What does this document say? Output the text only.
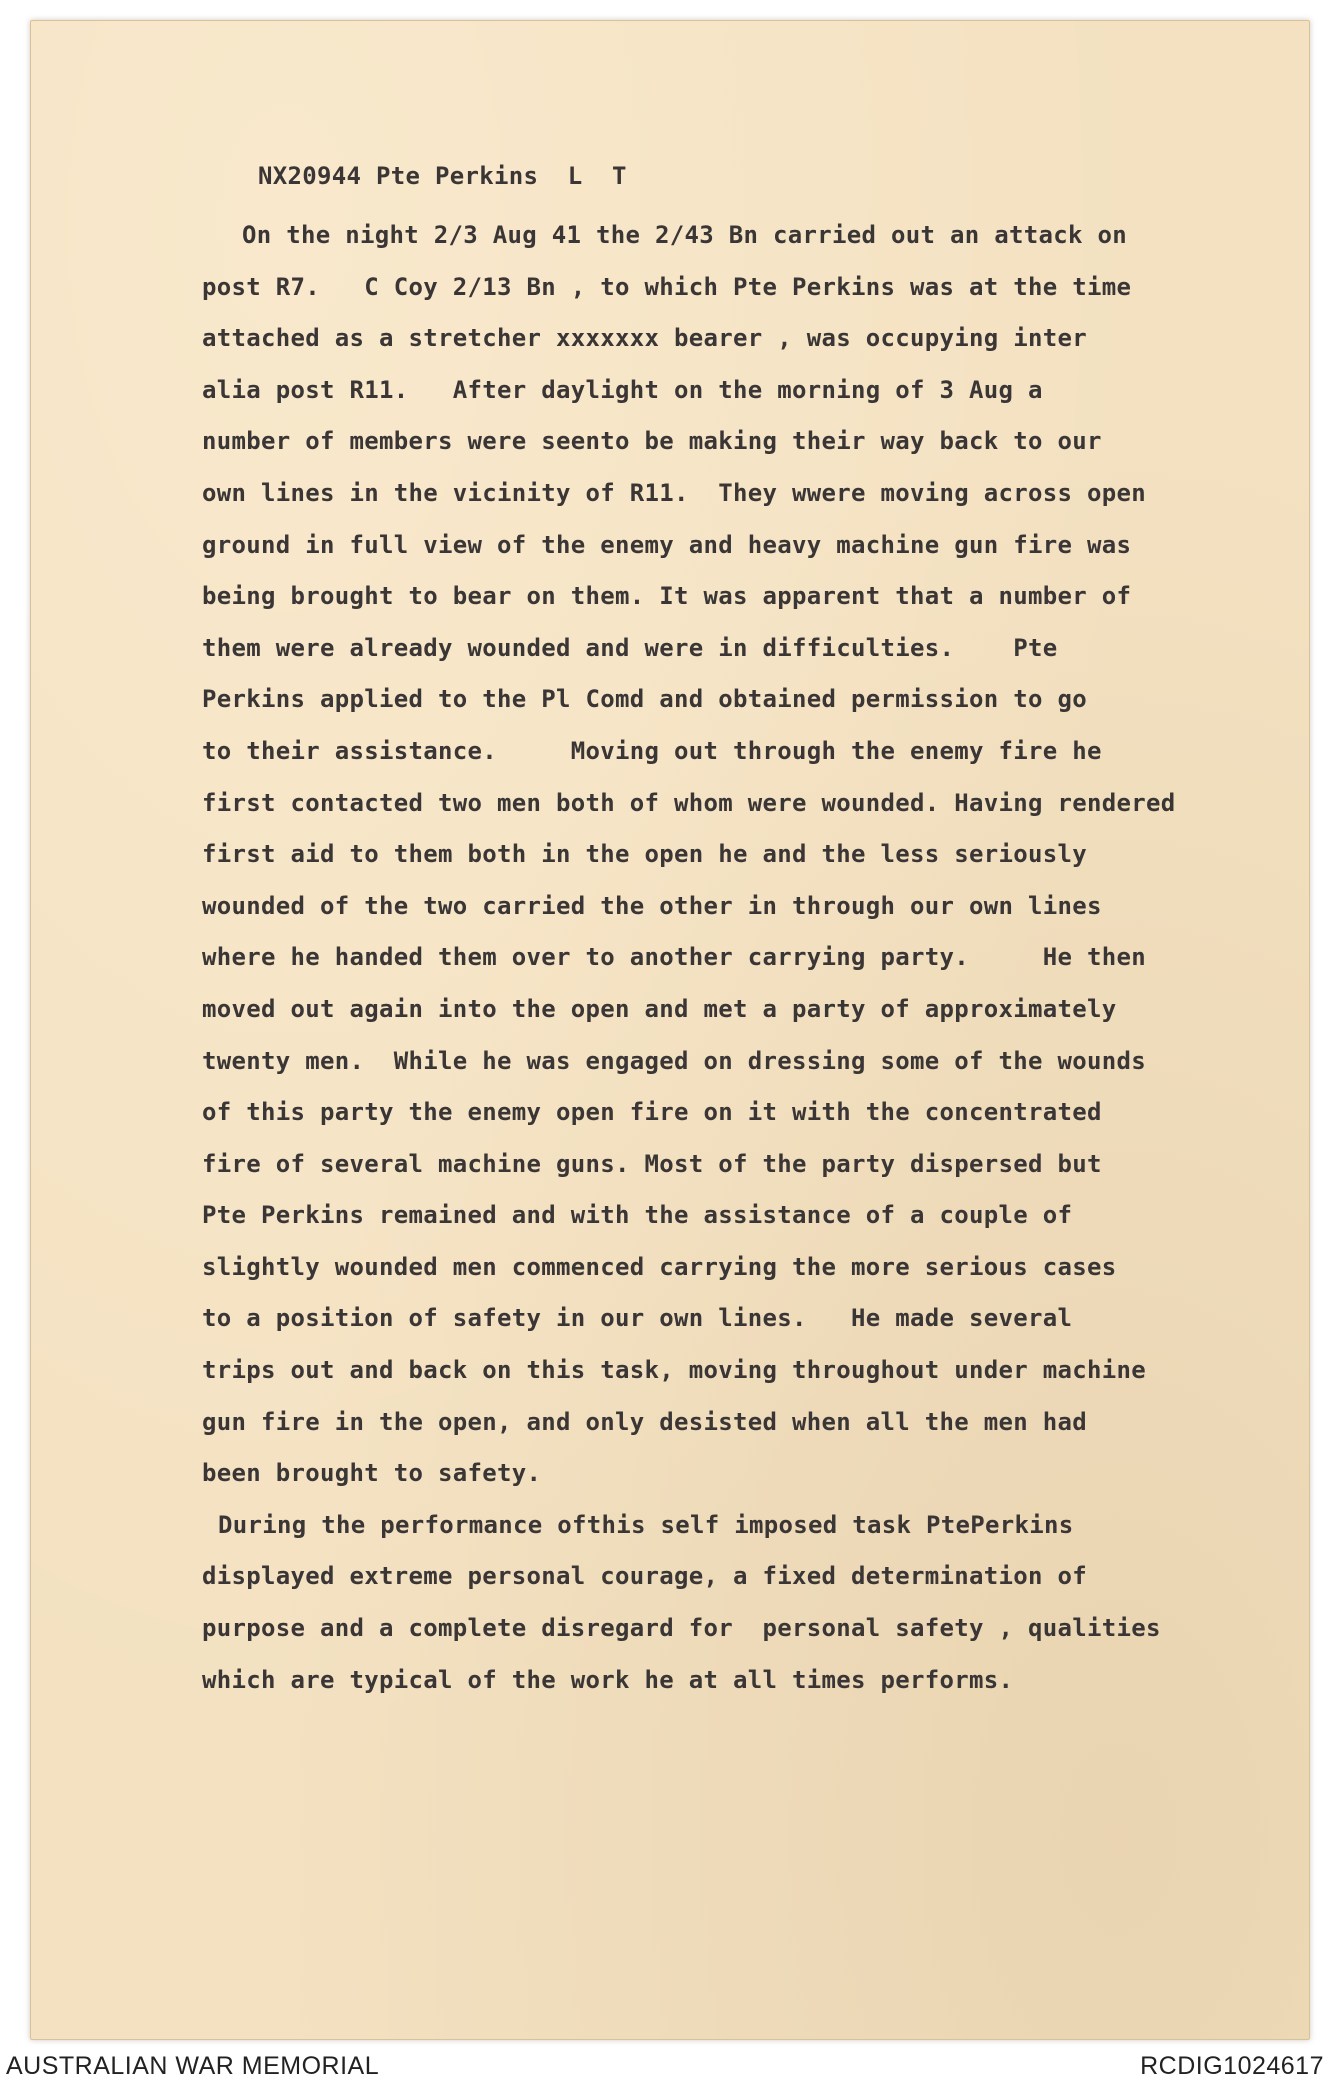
NX20944 Pte Perkins  L  T
On the night 2/3 Aug 41 the 2/43 Bn carried out an attack on
post R7.   C Coy 2/13 Bn , to which Pte Perkins was at the time
attached as a stretcher xxxxxxx bearer , was occupying inter
alia post R11.   After daylight on the morning of 3 Aug a
number of members were seento be making their way back to our
own lines in the vicinity of R11.  They wwere moving across open
ground in full view of the enemy and heavy machine gun fire was
being brought to bear on them. It was apparent that a number of
them were already wounded and were in difficulties.    Pte
Perkins applied to the Pl Comd and obtained permission to go
to their assistance.     Moving out through the enemy fire he
first contacted two men both of whom were wounded. Having rendered
first aid to them both in the open he and the less seriously
wounded of the two carried the other in through our own lines
where he handed them over to another carrying party.     He then
moved out again into the open and met a party of approximately
twenty men.  While he was engaged on dressing some of the wounds
of this party the enemy open fire on it with the concentrated
fire of several machine guns. Most of the party dispersed but
Pte Perkins remained and with the assistance of a couple of
slightly wounded men commenced carrying the more serious cases
to a position of safety in our own lines.   He made several
trips out and back on this task, moving throughout under machine
gun fire in the open, and only desisted when all the men had
been brought to safety.
During the performance ofthis self imposed task PtePerkins
displayed extreme personal courage, a fixed determination of
purpose and a complete disregard for  personal safety , qualities
which are typical of the work he at all times performs.
AUSTRALIAN WAR MEMORIAL	RCDIG1024617
